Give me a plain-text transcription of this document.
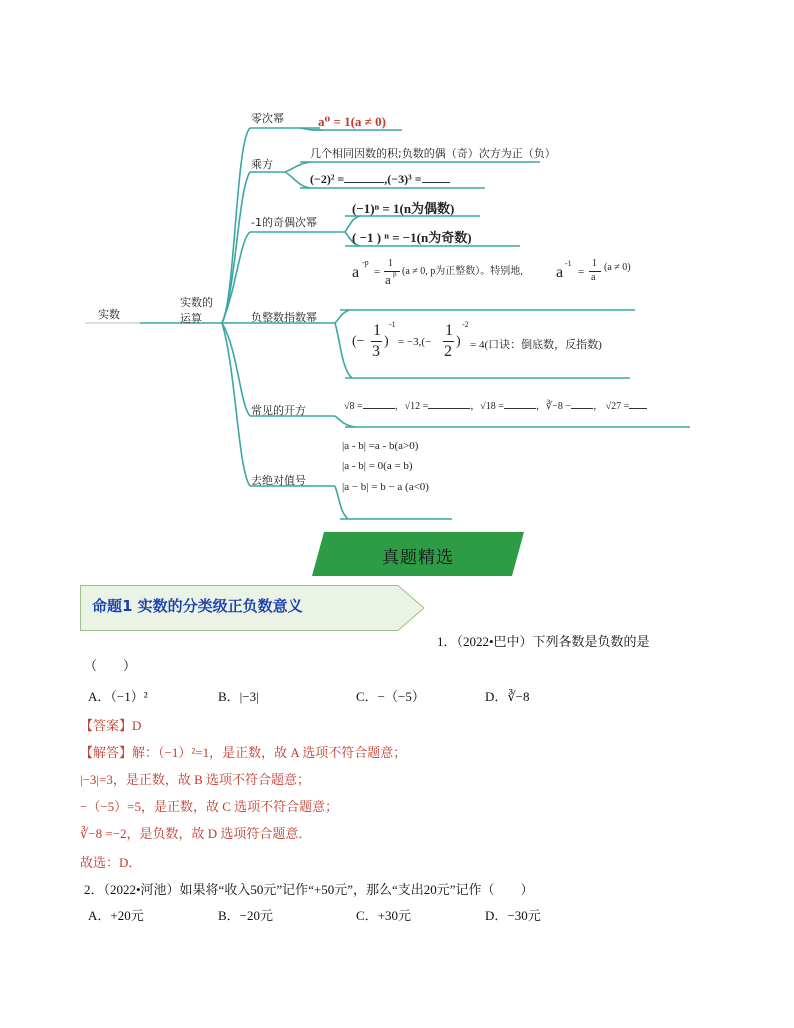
实数
实数的
运算
零次幂	a⁰ = 1(a ≠ 0)
乘方
几个相同因数的积;负数的偶（奇）次方为正（负）
(−2)² =	,(−3)³ =
-1的奇偶次幂
(−1)ⁿ = 1(n为偶数)
( −1 ) ⁿ = −1(n为奇数)
负整数指数幂
a
-p
=
1
a p (a ≠ 0, p为正整数）。特别地, a
-1
=
1
a
(a ≠ 0)
(−
1
3
)
-1
= −3,(−
1
2
)
-2
= 4(口诀：倒底数，反指数)
常见的开方	√8 =	，√12 =	，√18 =	，∛−8 − ， √27 =
去绝对值号
|a - b| =a - b(a>0)
|a - b| = 0(a = b)
|a − b| = b − a (a<0)
真题精选
命题1 实数的分类级正负数意义
1．（2022•巴中）下列各数是负数的是
（　　）
A．（−1）²	B．|−3|	C．−（−5）	D．∛−8
【答案】D
【解答】解：（−1）²=1，是正数，故 A 选项不符合题意；
|−3|=3，是正数，故 B 选项不符合题意；
−（−5）=5，是正数，故 C 选项不符合题意；
∛−8 =−2，是负数，故 D 选项符合题意．
故选：D．
2．（2022•河池）如果将“收入50元”记作“+50元”，那么“支出20元”记作（　　）
A．+20元	B．−20元	C．+30元	D．−30元
